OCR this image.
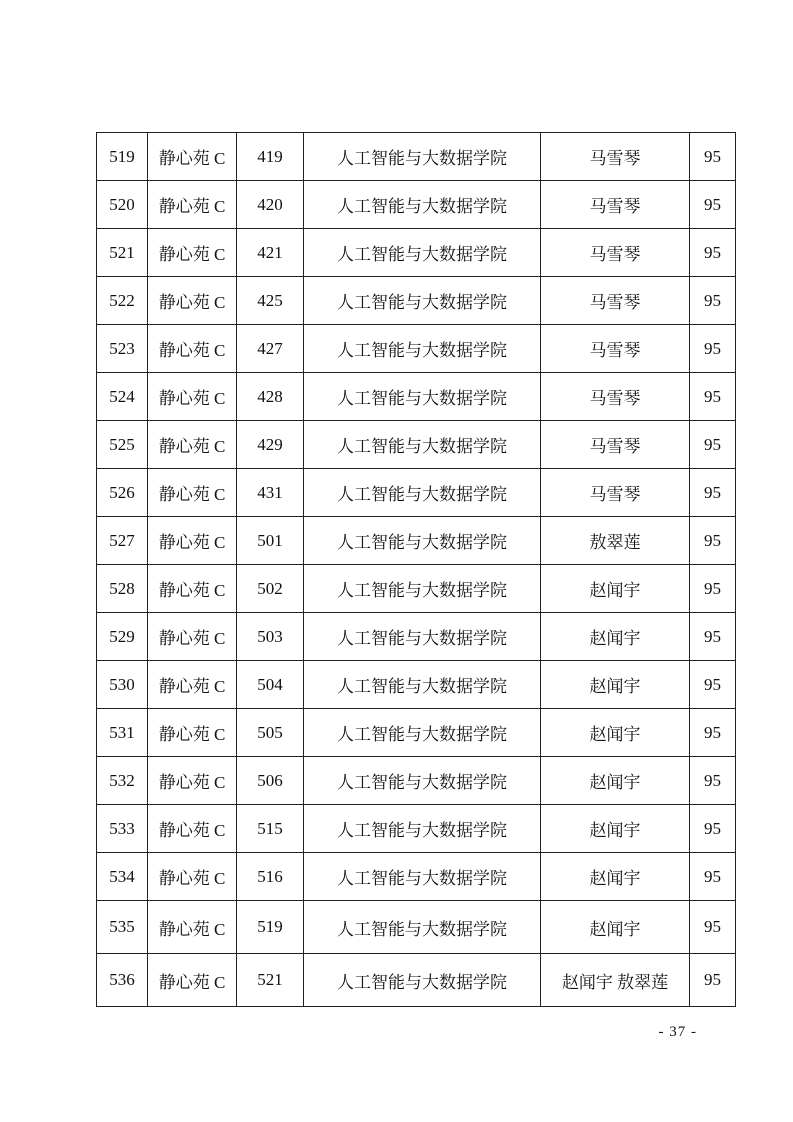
519	静心苑 C	419	人工智能与大数据学院	马雪琴	95
520	静心苑 C	420	人工智能与大数据学院	马雪琴	95
521	静心苑 C	421	人工智能与大数据学院	马雪琴	95
522	静心苑 C	425	人工智能与大数据学院	马雪琴	95
523	静心苑 C	427	人工智能与大数据学院	马雪琴	95
524	静心苑 C	428	人工智能与大数据学院	马雪琴	95
525	静心苑 C	429	人工智能与大数据学院	马雪琴	95
526	静心苑 C	431	人工智能与大数据学院	马雪琴	95
527	静心苑 C	501	人工智能与大数据学院	敖翠莲	95
528	静心苑 C	502	人工智能与大数据学院	赵闻宇	95
529	静心苑 C	503	人工智能与大数据学院	赵闻宇	95
530	静心苑 C	504	人工智能与大数据学院	赵闻宇	95
531	静心苑 C	505	人工智能与大数据学院	赵闻宇	95
532	静心苑 C	506	人工智能与大数据学院	赵闻宇	95
533	静心苑 C	515	人工智能与大数据学院	赵闻宇	95
534	静心苑 C	516	人工智能与大数据学院	赵闻宇	95
535	静心苑 C	519	人工智能与大数据学院	赵闻宇	95
536	静心苑 C	521	人工智能与大数据学院	赵闻宇 敖翠莲	95
- 37 -
